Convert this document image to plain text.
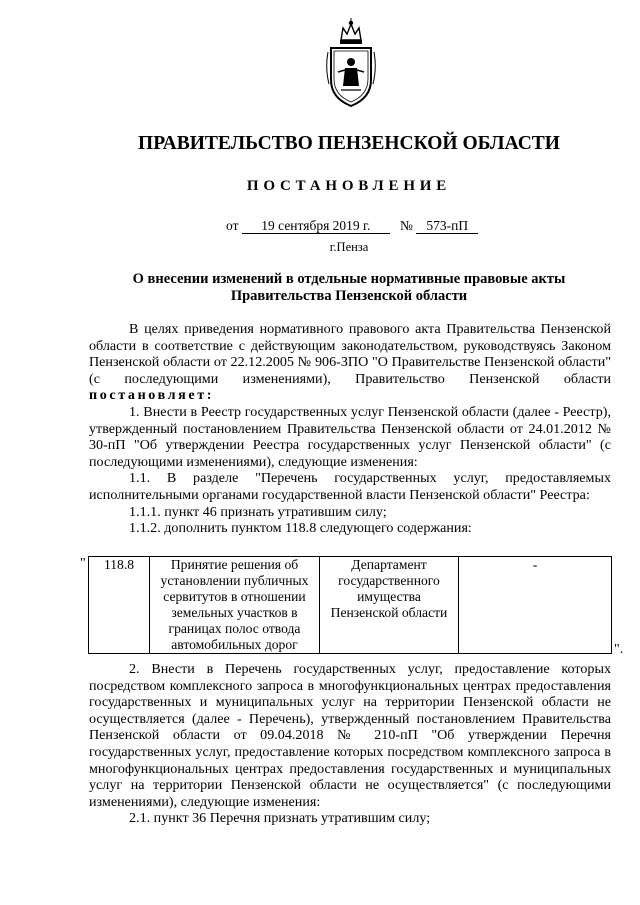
ПРАВИТЕЛЬСТВО ПЕНЗЕНСКОЙ ОБЛАСТИ
ПОСТАНОВЛЕНИЕ
от 19 сентября 2019 г. № 573-пП
г.Пенза
О внесении изменений в отдельные нормативные правовые акты
Правительства Пензенской области

В целях приведения нормативного правового акта Правительства Пензенской области в соответствие с действующим законодательством, руководствуясь Законом Пензенской области от 22.12.2005 № 906-ЗПО "О Правительстве Пензенской области" (с последующими изменениями), Правительство Пензенской области постановляет:

1. Внести в Реестр государственных услуг Пензенской области (далее - Реестр), утвержденный постановлением Правительства Пензенской области от 24.01.2012 № 30-пП "Об утверждении Реестра государственных услуг Пензенской области" (с последующими изменениями), следующие изменения:

1.1. В разделе "Перечень государственных услуг, предоставляемых исполнительными органами государственной власти Пензенской области" Реестра:

1.1.1. пункт 46 признать утратившим силу;

1.1.2. дополнить пунктом 118.8 следующего содержания:

" 118.8	Принятие решения об установлении публичных сервитутов в отношении земельных участков в границах полос отвода автомобильных дорог	Департамент государственного имущества Пензенской области	-
".

2. Внести в Перечень государственных услуг, предоставление которых посредством комплексного запроса в многофункциональных центрах предоставления государственных и муниципальных услуг на территории Пензенской области не осуществляется (далее - Перечень), утвержденный постановлением Правительства Пензенской области от 09.04.2018 № 210-пП "Об утверждении Перечня государственных услуг, предоставление которых посредством комплексного запроса в многофункциональных центрах предоставления государственных и муниципальных услуг на территории Пензенской области не осуществляется" (с последующими изменениями), следующие изменения:

2.1. пункт 36 Перечня признать утратившим силу;
